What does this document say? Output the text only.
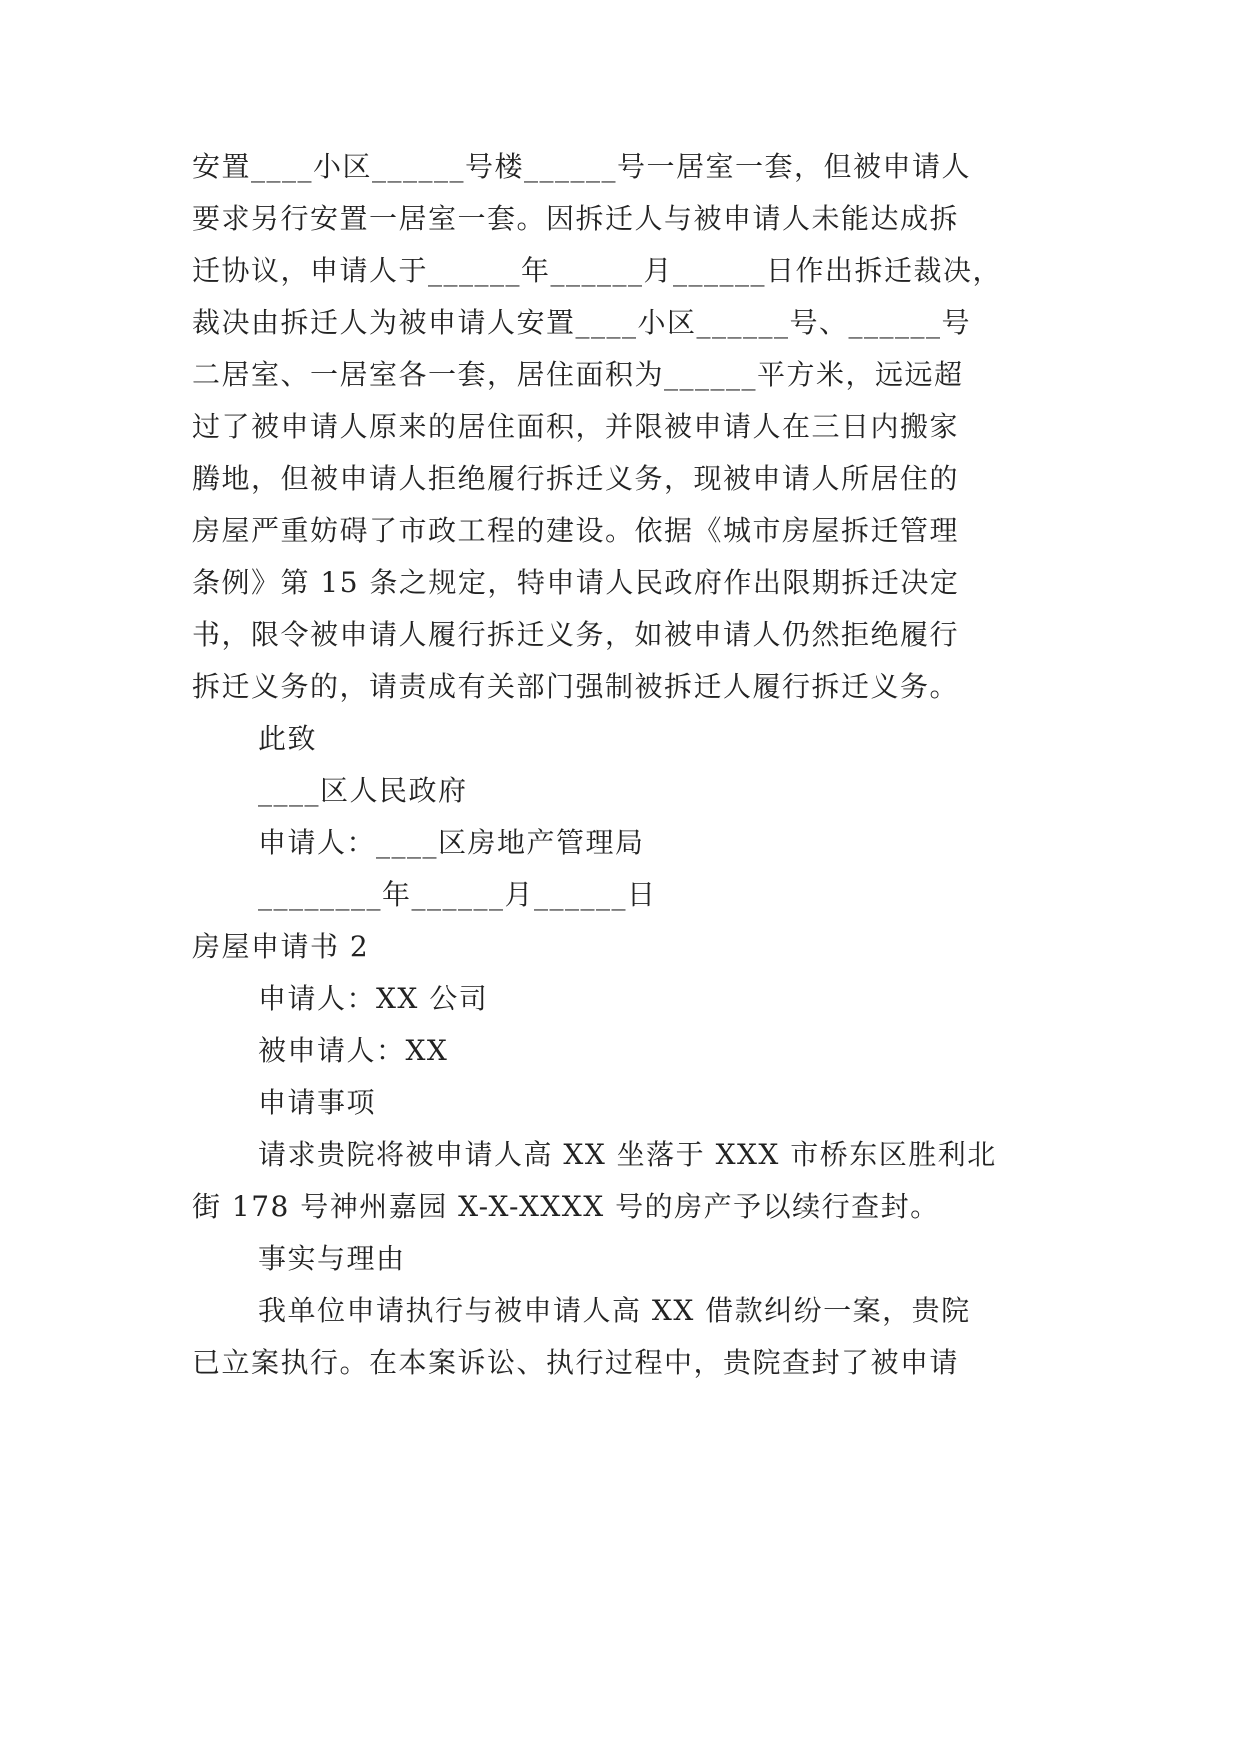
安置____小区______号楼______号一居室一套，但被申请人
要求另行安置一居室一套。因拆迁人与被申请人未能达成拆
迁协议，申请人于______年______月______日作出拆迁裁决，
裁决由拆迁人为被申请人安置____小区______号、______号
二居室、一居室各一套，居住面积为______平方米，远远超
过了被申请人原来的居住面积，并限被申请人在三日内搬家
腾地，但被申请人拒绝履行拆迁义务，现被申请人所居住的
房屋严重妨碍了市政工程的建设。依据《城市房屋拆迁管理
条例》第 15 条之规定，特申请人民政府作出限期拆迁决定
书，限令被申请人履行拆迁义务，如被申请人仍然拒绝履行
拆迁义务的，请责成有关部门强制被拆迁人履行拆迁义务。
此致
____区人民政府
申请人：____区房地产管理局
________年______月______日
房屋申请书 2
申请人：XX 公司
被申请人：XX
申请事项
请求贵院将被申请人高 XX 坐落于 XXX 市桥东区胜利北
街 178 号神州嘉园 X-X-XXXX 号的房产予以续行查封。
事实与理由
我单位申请执行与被申请人高 XX 借款纠纷一案，贵院
已立案执行。在本案诉讼、执行过程中，贵院查封了被申请
